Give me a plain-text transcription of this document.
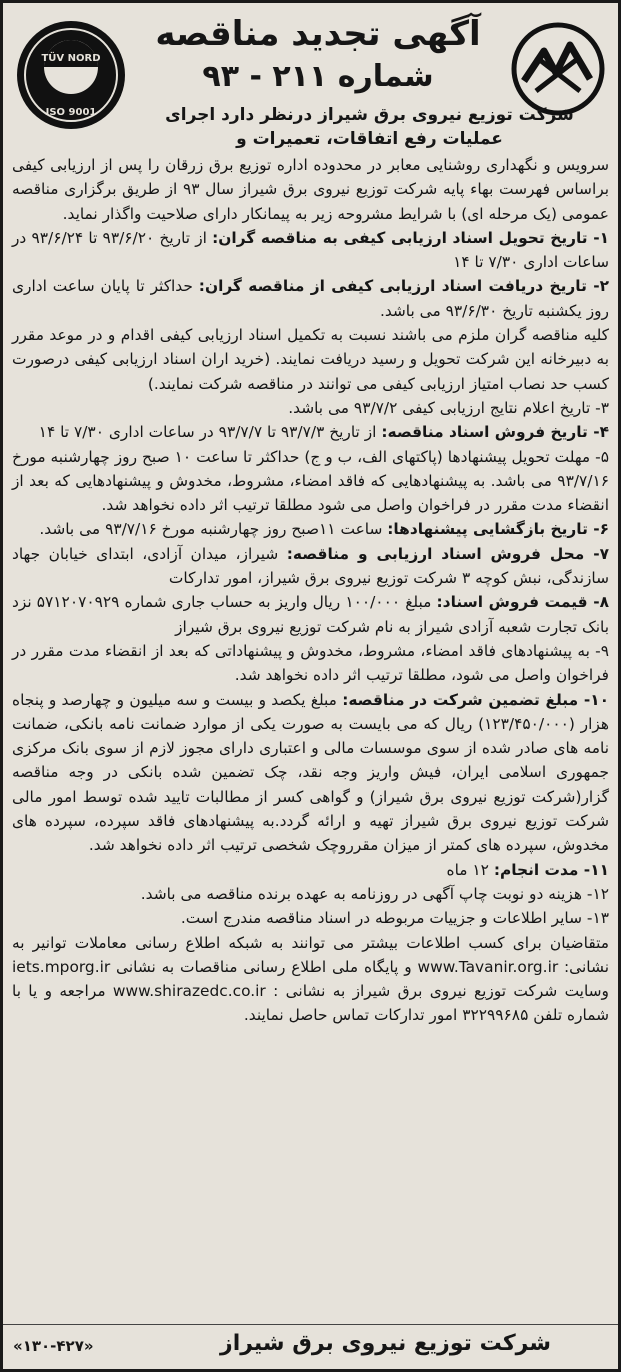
TÜV NORD
ISO 9001
آگهی تجدید مناقصه
شماره ۲۱۱ - ۹۳
شرکت توزیع نیروی برق شیراز درنظر دارد اجرای عملیات رفع اتفاقات، تعمیرات و

سرویس و نگهداری روشنایی معابر در محدوده اداره توزیع برق زرقان را پس از ارزیابی کیفی براساس فهرست بهاء پایه شرکت توزیع نیروی برق شیراز سال ۹۳ از طریق برگزاری مناقصه عمومی (یک مرحله ای) با شرایط مشروحه زیر به پیمانکار دارای صلاحیت واگذار نماید.

۱- تاریخ تحویل اسناد ارزیابی کیفی به مناقصه گران: از تاریخ ۹۳/۶/۲۰ تا ۹۳/۶/۲۴ در ساعات اداری ۷/۳۰ تا ۱۴

۲- تاریخ دریافت اسناد ارزیابی کیفی از مناقصه گران: حداکثر تا پایان ساعت اداری روز یکشنبه تاریخ ۹۳/۶/۳۰ می باشد.

کلیه مناقصه گران ملزم می باشند نسبت به تکمیل اسناد ارزیابی کیفی اقدام و در موعد مقرر به دبیرخانه این شرکت تحویل و رسید دریافت نمایند. (خرید اران اسناد ارزیابی کیفی درصورت کسب حد نصاب امتیاز ارزیابی کیفی می توانند در مناقصه شرکت نمایند.)

۳- تاریخ اعلام نتایج ارزیابی کیفی ۹۳/۷/۲ می باشد.

۴- تاریخ فروش اسناد مناقصه: از تاریخ ۹۳/۷/۳ تا ۹۳/۷/۷ در ساعات اداری ۷/۳۰ تا ۱۴

۵- مهلت تحویل پیشنهادها (پاکتهای الف، ب و ج) حداکثر تا ساعت ۱۰ صبح روز چهارشنبه مورخ ۹۳/۷/۱۶ می باشد. به پیشنهادهایی که فاقد امضاء، مشروط، مخدوش و پیشنهادهایی که بعد از انقضاء مدت مقرر در فراخوان واصل می شود مطلقا ترتیب اثر داده نخواهد شد.

۶- تاریخ بازگشایی پیشنهادها: ساعت ۱۱صبح روز چهارشنبه مورخ ۹۳/۷/۱۶ می باشد.

۷- محل فروش اسناد ارزیابی و مناقصه: شیراز، میدان آزادی، ابتدای خیابان جهاد سازندگی، نبش کوچه ۳ شرکت توزیع نیروی برق شیراز، امور تدارکات

۸- قیمت فروش اسناد: مبلغ ۱۰۰/۰۰۰ ریال واریز به حساب جاری شماره ۵۷۱۲۰۷۰۹۲۹ نزد بانک تجارت شعبه آزادی شیراز به نام شرکت توزیع نیروی برق شیراز

۹- به پیشنهادهای فاقد امضاء، مشروط، مخدوش و پیشنهاداتی که بعد از انقضاء مدت مقرر در فراخوان واصل می شود، مطلقا ترتیب اثر داده نخواهد شد.

۱۰- مبلغ تضمین شرکت در مناقصه: مبلغ یکصد و بیست و سه میلیون و چهارصد و پنجاه هزار (۱۲۳/۴۵۰/۰۰۰) ریال که می بایست به صورت یکی از موارد ضمانت نامه بانکی، ضمانت نامه های صادر شده از سوی موسسات مالی و اعتباری دارای مجوز لازم از سوی بانک مرکزی جمهوری اسلامی ایران، فیش واریز وجه نقد، چک تضمین شده بانکی در وجه مناقصه گزار(شرکت توزیع نیروی برق شیراز) و گواهی کسر از مطالبات تایید شده توسط امور مالی شرکت توزیع نیروی برق شیراز تهیه و ارائه گردد.به پیشنهادهای فاقد سپرده، سپرده های مخدوش، سپرده های کمتر از میزان مقرروچک شخصی ترتیب اثر داده نخواهد شد.

۱۱- مدت انجام: ۱۲ ماه

۱۲- هزینه دو نوبت چاپ آگهی در روزنامه به عهده برنده مناقصه می باشد.

۱۳- سایر اطلاعات و جزییات مربوطه در اسناد مناقصه مندرج است.

متقاضیان برای کسب اطلاعات بیشتر می توانند به شبکه اطلاع رسانی معاملات توانیر به نشانی: www.Tavanir.org.ir و پایگاه ملی اطلاع رسانی مناقصات به نشانی iets.mporg.ir وسایت شرکت توزیع نیروی برق شیراز به نشانی : www.shirazedc.co.ir مراجعه و یا با شماره تلفن ۳۲۲۹۹۶۸۵ امور تدارکات تماس حاصل نمایند.

شرکت توزیع نیروی برق شیراز
«۱۳۰-۴۲۷»
